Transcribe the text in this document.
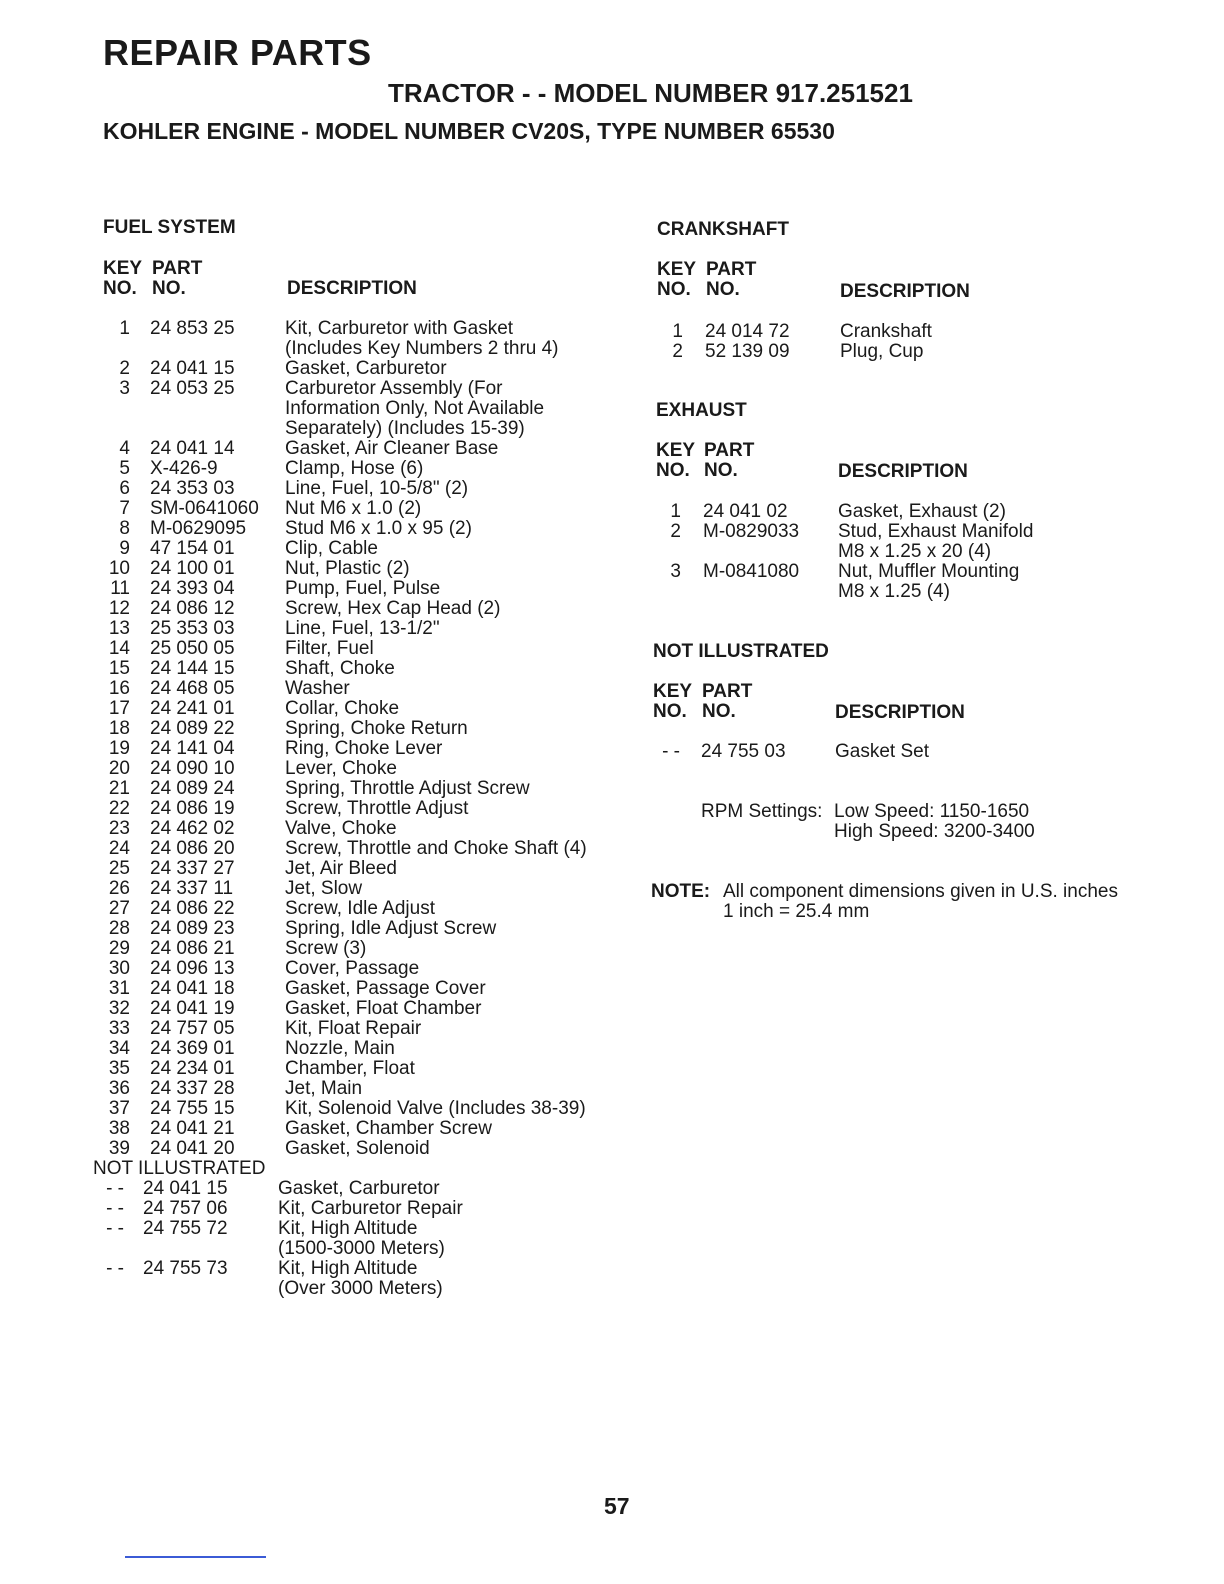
REPAIR PARTS
TRACTOR - - MODEL NUMBER 917.251521
KOHLER ENGINE - MODEL NUMBER CV20S, TYPE NUMBER 65530
FUEL SYSTEM
KEY
NO.
PART
NO.	DESCRIPTION
1 24 853 25	Kit, Carburetor with Gasket
(Includes Key Numbers 2 thru 4)
2 24 041 15	Gasket, Carburetor
3 24 053 25	Carburetor Assembly (For
Information Only, Not Available
Separately) (Includes 15-39)
4 24 041 14	Gasket, Air Cleaner Base
5 X-426-9	Clamp, Hose (6)
6 24 353 03	Line, Fuel, 10-5/8" (2)
7 SM-0641060 Nut M6 x 1.0 (2)
8 M-0629095 Stud M6 x 1.0 x 95 (2)
9 47 154 01	Clip, Cable
10 24 100 01	Nut, Plastic (2)
11 24 393 04	Pump, Fuel, Pulse
12 24 086 12	Screw, Hex Cap Head (2)
13 25 353 03	Line, Fuel, 13-1/2"
14 25 050 05	Filter, Fuel
15 24 144 15	Shaft, Choke
16 24 468 05	Washer
17 24 241 01	Collar, Choke
18 24 089 22	Spring, Choke Return
19 24 141 04	Ring, Choke Lever
20 24 090 10	Lever, Choke
21 24 089 24	Spring, Throttle Adjust Screw
22 24 086 19	Screw, Throttle Adjust
23 24 462 02	Valve, Choke
24 24 086 20	Screw, Throttle and Choke Shaft (4)
25 24 337 27	Jet, Air Bleed
26 24 337 11	Jet, Slow
27 24 086 22	Screw, Idle Adjust
28 24 089 23	Spring, Idle Adjust Screw
29 24 086 21	Screw (3)
30 24 096 13	Cover, Passage
31 24 041 18	Gasket, Passage Cover
32 24 041 19	Gasket, Float Chamber
33 24 757 05	Kit, Float Repair
34 24 369 01	Nozzle, Main
35 24 234 01	Chamber, Float
36 24 337 28	Jet, Main
37 24 755 15	Kit, Solenoid Valve (Includes 38-39)
38 24 041 21	Gasket, Chamber Screw
39 24 041 20	Gasket, Solenoid
NOT ILLUSTRATED
- - 24 041 15	Gasket, Carburetor
- - 24 757 06	Kit, Carburetor Repair
- - 24 755 72	Kit, High Altitude
(1500-3000 Meters)
- - 24 755 73	Kit, High Altitude
(Over 3000 Meters)
CRANKSHAFT
KEY
NO.
PART
NO.	DESCRIPTION
1 24 014 72	Crankshaft
2 52 139 09	Plug, Cup
EXHAUST
KEY
NO.
PART
NO.	DESCRIPTION
1 24 041 02	Gasket, Exhaust (2)
2 M-0829033 Stud, Exhaust Manifold
M8 x 1.25 x 20 (4)
3 M-0841080 Nut, Muffler Mounting
M8 x 1.25 (4)
NOT ILLUSTRATED
KEY
NO.
PART
NO.	DESCRIPTION
- - 24 755 03	Gasket Set
RPM Settings: Low Speed: 1150-1650
High Speed: 3200-3400
NOTE: All component dimensions given in U.S. inches
1 inch = 25.4 mm
57
